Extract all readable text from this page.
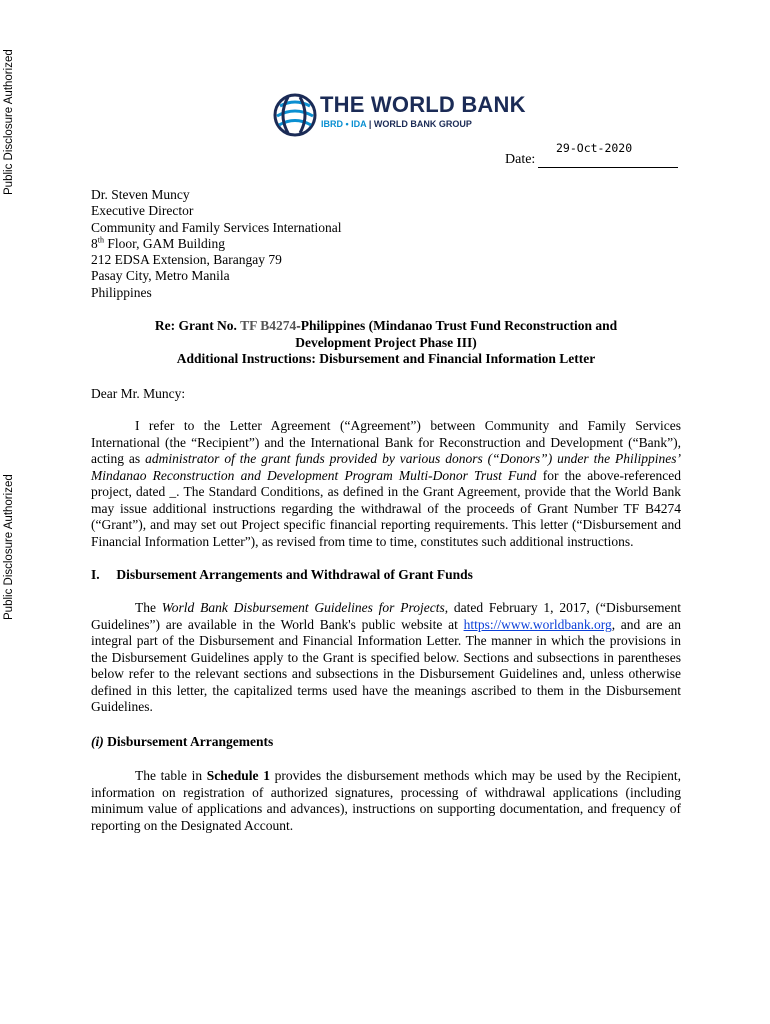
Public Disclosure Authorized
Public Disclosure Authorized
THE WORLD BANK
IBRD • IDA | WORLD BANK GROUP
29-Oct-2020
Date:
Dr. Steven Muncy
Executive Director
Community and Family Services International
8th Floor, GAM Building
212 EDSA Extension, Barangay 79
Pasay City, Metro Manila
Philippines
Re: Grant No. TF B4274-Philippines (Mindanao Trust Fund Reconstruction and
Development Project Phase III)
Additional Instructions: Disbursement and Financial Information Letter
Dear Mr. Muncy:
I refer to the Letter Agreement (“Agreement”) between Community and Family Services International (the “Recipient”) and the International Bank for Reconstruction and Development (“Bank”), acting as administrator of the grant funds provided by various donors (“Donors”) under the Philippines’ Mindanao Reconstruction and Development Program Multi-Donor Trust Fund for the above-referenced project, dated _. The Standard Conditions, as defined in the Grant Agreement, provide that the World Bank may issue additional instructions regarding the withdrawal of the proceeds of Grant Number TF B4274 (“Grant”), and may set out Project specific financial reporting requirements. This letter (“Disbursement and Financial Information Letter”), as revised from time to time, constitutes such additional instructions.
I. Disbursement Arrangements and Withdrawal of Grant Funds
The World Bank Disbursement Guidelines for Projects, dated February 1, 2017, (“Disbursement Guidelines”) are available in the World Bank's public website at https://www.worldbank.org, and are an integral part of the Disbursement and Financial Information Letter. The manner in which the provisions in the Disbursement Guidelines apply to the Grant is specified below. Sections and subsections in parentheses below refer to the relevant sections and subsections in the Disbursement Guidelines and, unless otherwise defined in this letter, the capitalized terms used have the meanings ascribed to them in the Disbursement Guidelines.
(i) Disbursement Arrangements
The table in Schedule 1 provides the disbursement methods which may be used by the Recipient, information on registration of authorized signatures, processing of withdrawal applications (including minimum value of applications and advances), instructions on supporting documentation, and frequency of reporting on the Designated Account.
